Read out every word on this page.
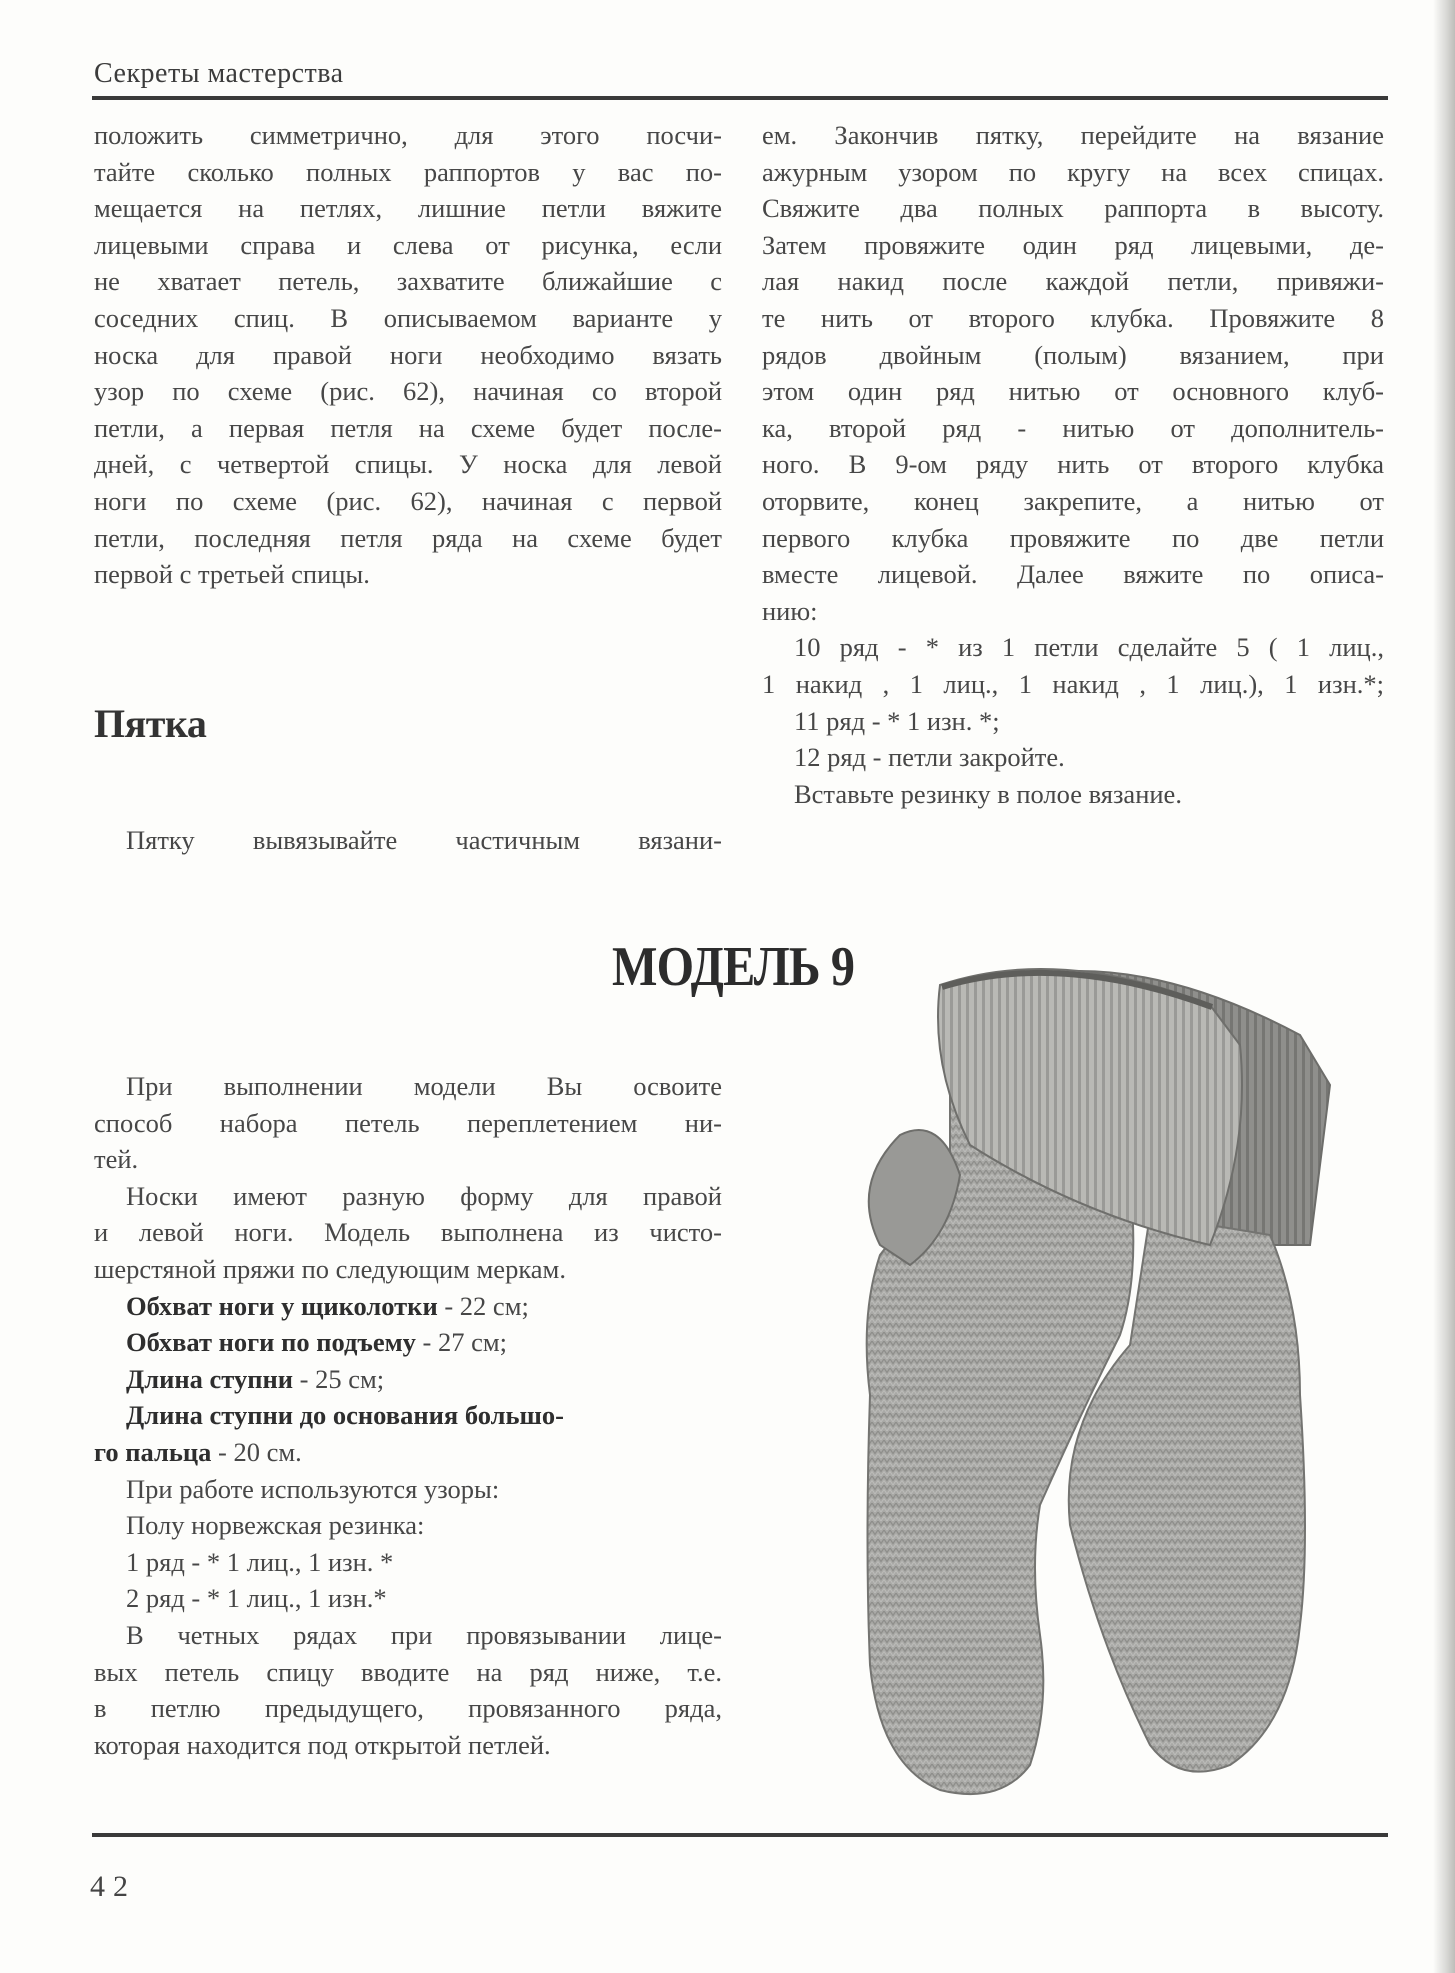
Секреты мастерства
положить симметрично, для этого посчи-
тайте сколько полных раппортов у вас по-
мещается на петлях, лишние петли вяжите
лицевыми справа и слева от рисунка, если
не хватает петель, захватите ближайшие с
соседних спиц. В описываемом варианте у
носка для правой ноги необходимо вязать
узор по схеме (рис. 62), начиная со второй
петли, а первая петля на схеме будет после-
дней, с четвертой спицы. У носка для левой
ноги по схеме (рис. 62), начиная с первой
петли, последняя петля ряда на схеме будет
первой с третьей спицы.
Пятка
Пятку вывязывайте частичным вязани-
ем. Закончив пятку, перейдите на вязание
ажурным узором по кругу на всех спицах.
Свяжите два полных раппорта в высоту.
Затем провяжите один ряд лицевыми, де-
лая накид после каждой петли, привяжи-
те нить от второго клубка. Провяжите 8
рядов двойным (полым) вязанием, при
этом один ряд нитью от основного клуб-
ка, второй ряд - нитью от дополнитель-
ного. В 9-ом ряду нить от второго клубка
оторвите, конец закрепите, а нитью от
первого клубка провяжите по две петли
вместе лицевой. Далее вяжите по описа-
нию:
10 ряд - * из 1 петли сделайте 5 ( 1 лиц.,
1 накид , 1 лиц., 1 накид , 1 лиц.), 1 изн.*;
11 ряд - * 1 изн. *;
12 ряд - петли закройте.
Вставьте резинку в полое вязание.
МОДЕЛЬ 9
При выполнении модели Вы освоите
способ набора петель переплетением ни-
тей.
Носки имеют разную форму для правой
и левой ноги. Модель выполнена из чисто-
шерстяной пряжи по следующим меркам.
Обхват ноги у щиколотки - 22 см;
Обхват ноги по подъему - 27 см;
Длина ступни - 25 см;
Длина ступни до основания большо-
го пальца - 20 см.
При работе используются узоры:
Полу норвежская резинка:
1 ряд - * 1 лиц., 1 изн. *
2 ряд - * 1 лиц., 1 изн.*
В четных рядах при провязывании лице-
вых петель спицу вводите на ряд ниже, т.е.
в петлю предыдущего, провязанного ряда,
которая находится под открытой петлей.
42
